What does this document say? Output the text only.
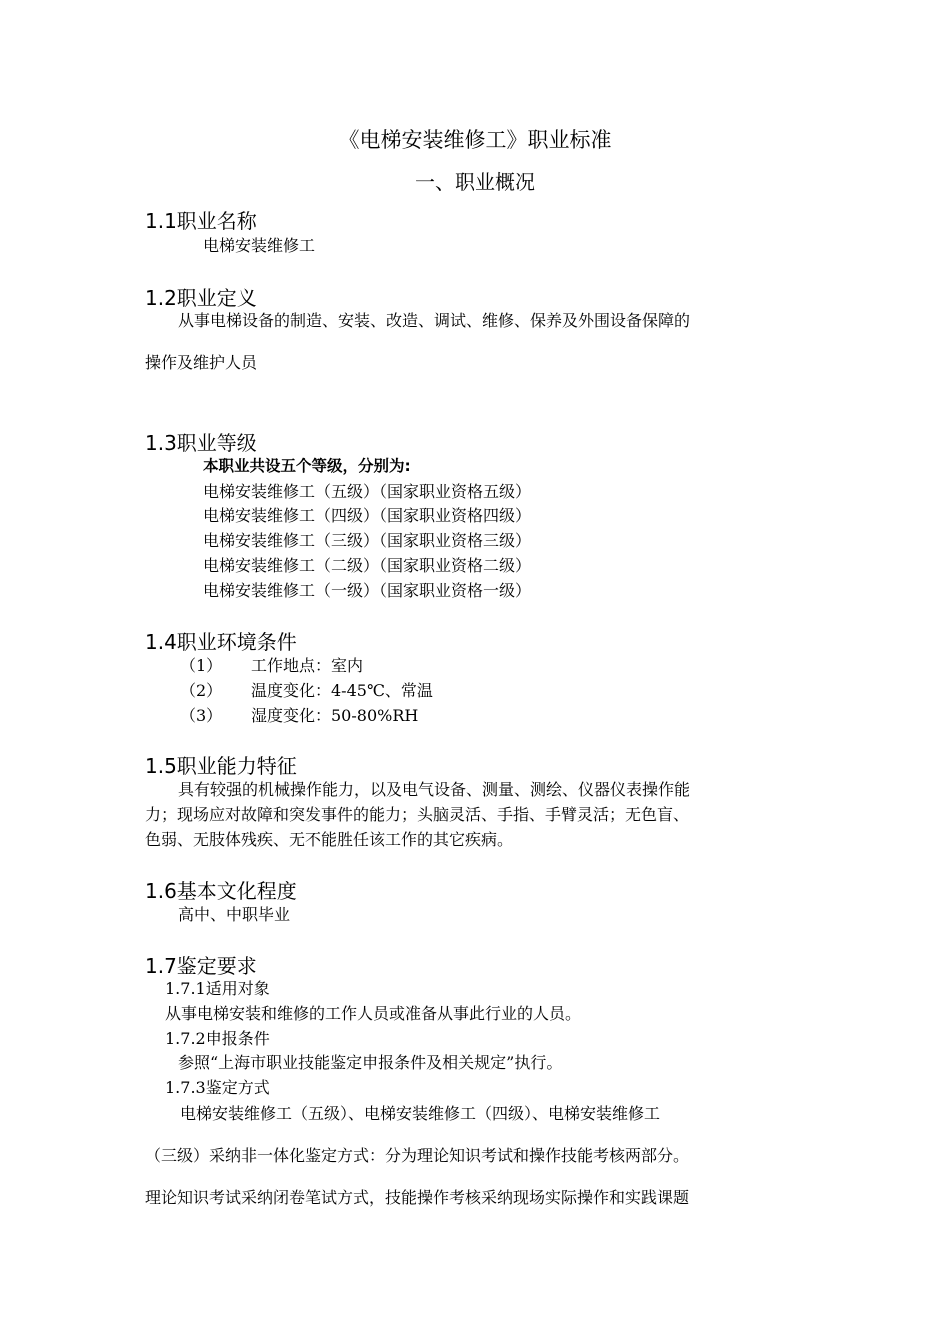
《电梯安装维修工》职业标准
一、职业概况
1.1职业名称
电梯安装维修工
1.2职业定义
从事电梯设备的制造、安装、改造、调试、维修、保养及外围设备保障的
操作及维护人员
1.3职业等级
本职业共设五个等级，分别为:
电梯安装维修工（五级）（国家职业资格五级）
电梯安装维修工（四级）（国家职业资格四级）
电梯安装维修工（三级）（国家职业资格三级）
电梯安装维修工（二级）（国家职业资格二级）
电梯安装维修工（一级）（国家职业资格一级）
1.4职业环境条件
（1） 工作地点：室内
（2） 温度变化：4-45℃、常温
（3） 湿度变化：50-80%RH
1.5职业能力特征
具有较强的机械操作能力，以及电气设备、测量、测绘、仪器仪表操作能
力；现场应对故障和突发事件的能力；头脑灵活、手指、手臂灵活；无色盲、
色弱、无肢体残疾、无不能胜任该工作的其它疾病。
1.6基本文化程度
高中、中职毕业
1.7鉴定要求
1.7.1适用对象
从事电梯安装和维修的工作人员或准备从事此行业的人员。
1.7.2申报条件
参照“上海市职业技能鉴定申报条件及相关规定”执行。
1.7.3鉴定方式
电梯安装维修工（五级）、电梯安装维修工（四级）、电梯安装维修工
（三级）采纳非一体化鉴定方式：分为理论知识考试和操作技能考核两部分。
理论知识考试采纳闭卷笔试方式，技能操作考核采纳现场实际操作和实践课题
